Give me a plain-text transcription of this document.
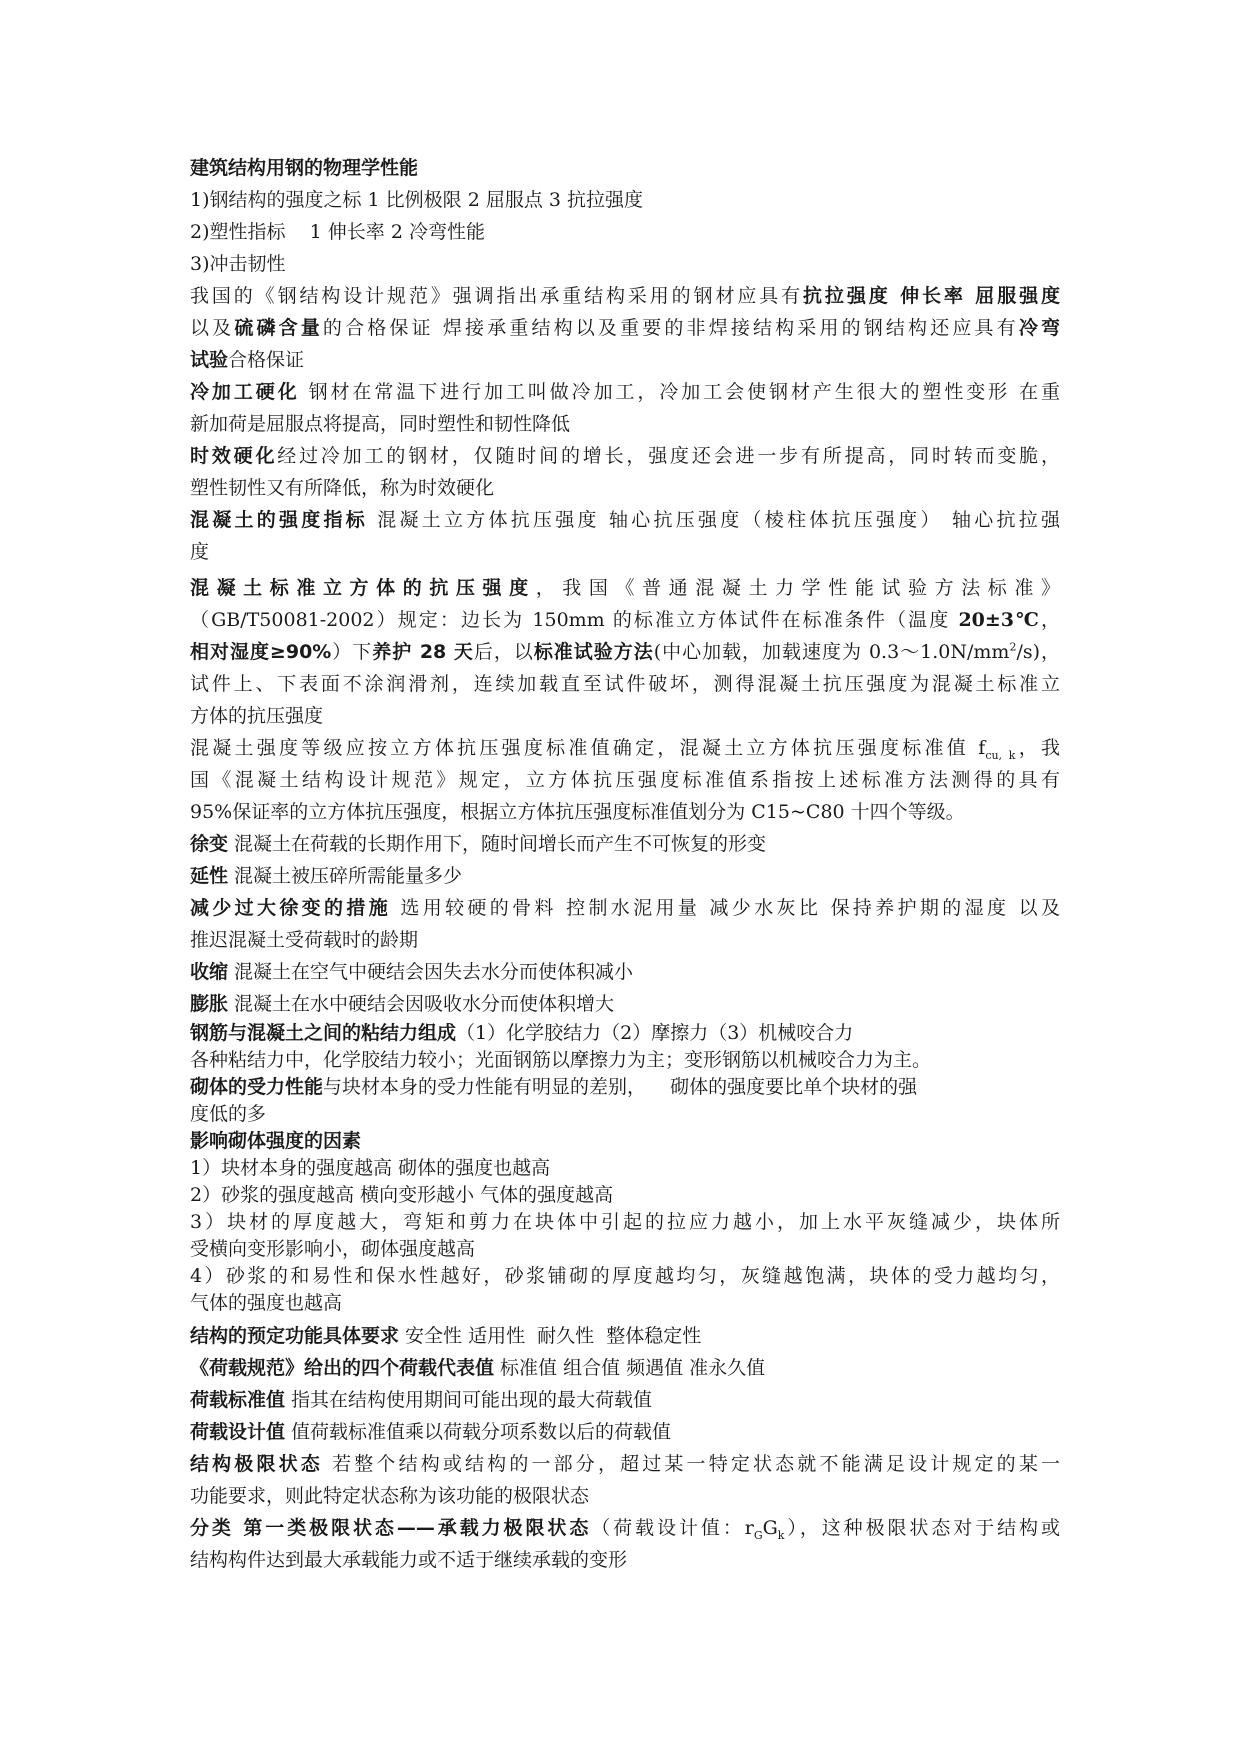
建筑结构用钢的物理学性能
1)钢结构的强度之标 1 比例极限 2 屈服点 3 抗拉强度
2)塑性指标    1 伸长率 2 冷弯性能
3)冲击韧性
我国的《钢结构设计规范》强调指出承重结构采用的钢材应具有抗拉强度 伸长率 屈服强度
以及硫磷含量的合格保证 焊接承重结构以及重要的非焊接结构采用的钢结构还应具有冷弯
试验合格保证
冷加工硬化 钢材在常温下进行加工叫做冷加工，冷加工会使钢材产生很大的塑性变形 在重
新加荷是屈服点将提高，同时塑性和韧性降低
时效硬化经过冷加工的钢材，仅随时间的增长，强度还会进一步有所提高，同时转而变脆，
塑性韧性又有所降低，称为时效硬化
混凝土的强度指标 混凝土立方体抗压强度 轴心抗压强度（棱柱体抗压强度） 轴心抗拉强
度
混凝土标准立方体的抗压强度，我国《普通混凝土力学性能试验方法标准》
（GB/T50081-2002）规定：边长为 150mm 的标准立方体试件在标准条件（温度 20±3℃，
相对湿度≥90%）下养护 28 天后，以标准试验方法(中心加载，加载速度为 $0.3\sim 1.0N/mm^2/s$)，
试件上、下表面不涂润滑剂，连续加载直至试件破坏，测得混凝土抗压强度为混凝土标准立
方体的抗压强度
混凝土强度等级应按立方体抗压强度标准值确定，混凝土立方体抗压强度标准值 $f_{cu, k}$，我
国《混凝土结构设计规范》规定，立方体抗压强度标准值系指按上述标准方法测得的具有
95%保证率的立方体抗压强度，根据立方体抗压强度标准值划分为 C15~C80 十四个等级。
徐变 混凝土在荷载的长期作用下，随时间增长而产生不可恢复的形变
延性 混凝土被压碎所需能量多少
减少过大徐变的措施 选用较硬的骨料 控制水泥用量 减少水灰比 保持养护期的湿度 以及
推迟混凝土受荷载时的龄期
收缩 混凝土在空气中硬结会因失去水分而使体积减小
膨胀 混凝土在水中硬结会因吸收水分而使体积增大
钢筋与混凝土之间的粘结力组成（1）化学胶结力（2）摩擦力（3）机械咬合力
各种粘结力中，化学胶结力较小；光面钢筋以摩擦力为主；变形钢筋以机械咬合力为主。
砌体的受力性能与块材本身的受力性能有明显的差别，    砌体的强度要比单个块材的强
度低的多
影响砌体强度的因素
1）块材本身的强度越高 砌体的强度也越高
2）砂浆的强度越高 横向变形越小 气体的强度越高
3）块材的厚度越大，弯矩和剪力在块体中引起的拉应力越小，加上水平灰缝减少，块体所
受横向变形影响小，砌体强度越高
4）砂浆的和易性和保水性越好，砂浆铺砌的厚度越均匀，灰缝越饱满，块体的受力越均匀，
气体的强度也越高
结构的预定功能具体要求 安全性 适用性  耐久性  整体稳定性
《荷载规范》给出的四个荷载代表值 标准值 组合值 频遇值 准永久值
荷载标准值 指其在结构使用期间可能出现的最大荷载值
荷载设计值 值荷载标准值乘以荷载分项系数以后的荷载值
结构极限状态 若整个结构或结构的一部分，超过某一特定状态就不能满足设计规定的某一
功能要求，则此特定状态称为该功能的极限状态
分类 第一类极限状态——承载力极限状态（荷载设计值：$r_GG_k$），这种极限状态对于结构或
结构构件达到最大承载能力或不适于继续承载的变形
